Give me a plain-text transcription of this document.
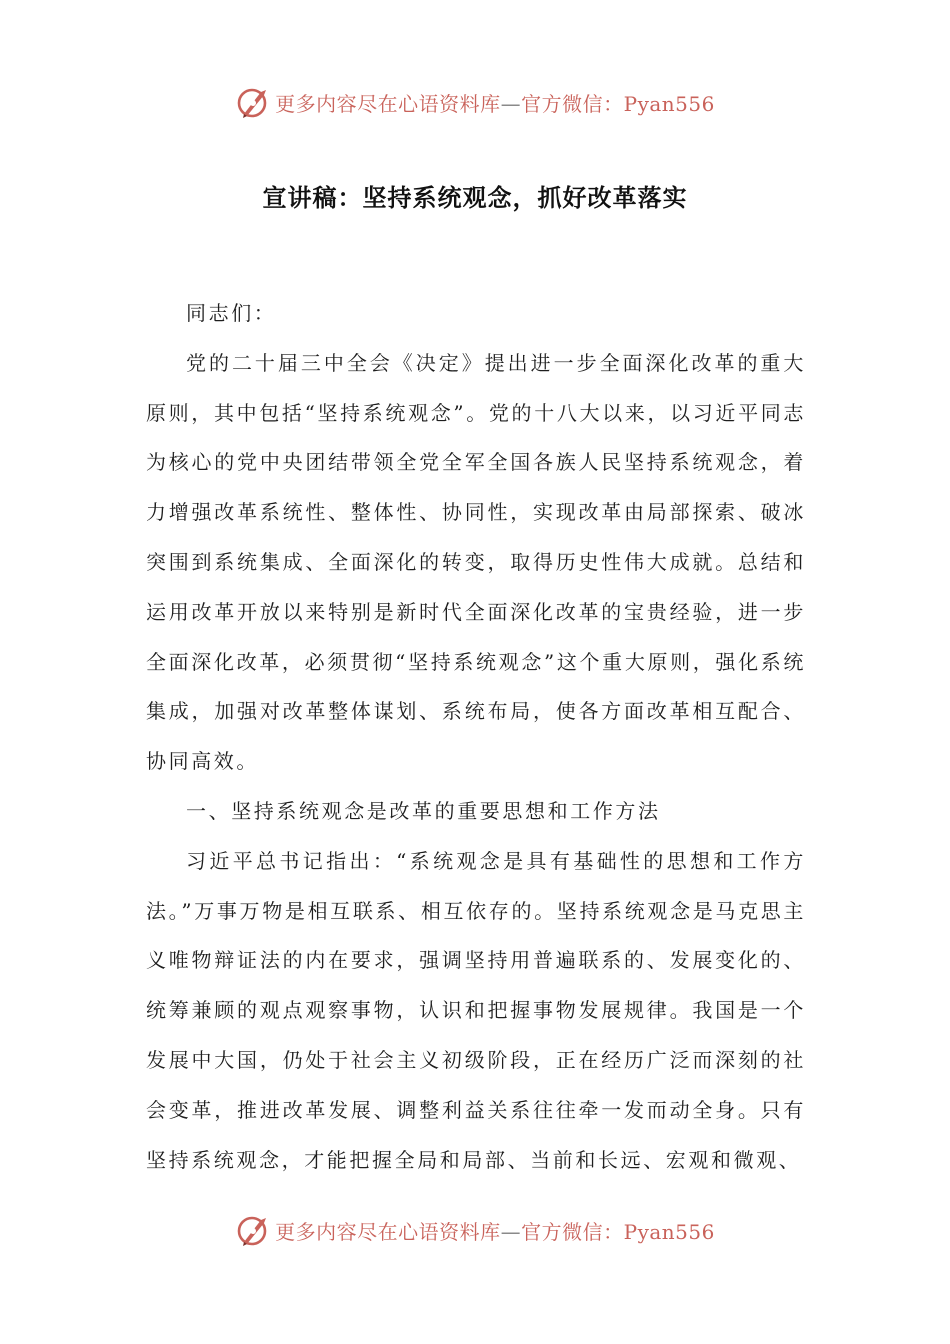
更多内容尽在心语资料库—官方微信：Pyan556
宣讲稿：坚持系统观念，抓好改革落实

同志们：

党的二十届三中全会《决定》提出进一步全面深化改革的重大原则，其中包括“坚持系统观念”。党的十八大以来，以习近平同志为核心的党中央团结带领全党全军全国各族人民坚持系统观念，着力增强改革系统性、整体性、协同性，实现改革由局部探索、破冰突围到系统集成、全面深化的转变，取得历史性伟大成就。总结和运用改革开放以来特别是新时代全面深化改革的宝贵经验，进一步全面深化改革，必须贯彻“坚持系统观念”这个重大原则，强化系统集成，加强对改革整体谋划、系统布局，使各方面改革相互配合、协同高效。

一、坚持系统观念是改革的重要思想和工作方法

习近平总书记指出：“系统观念是具有基础性的思想和工作方法。”万事万物是相互联系、相互依存的。坚持系统观念是马克思主义唯物辩证法的内在要求，强调坚持用普遍联系的、发展变化的、统筹兼顾的观点观察事物，认识和把握事物发展规律。我国是一个发展中大国，仍处于社会主义初级阶段，正在经历广泛而深刻的社会变革，推进改革发展、调整利益关系往往牵一发而动全身。只有坚持系统观念，才能把握全局和局部、当前和长远、宏观和微观、

更多内容尽在心语资料库—官方微信：Pyan556
